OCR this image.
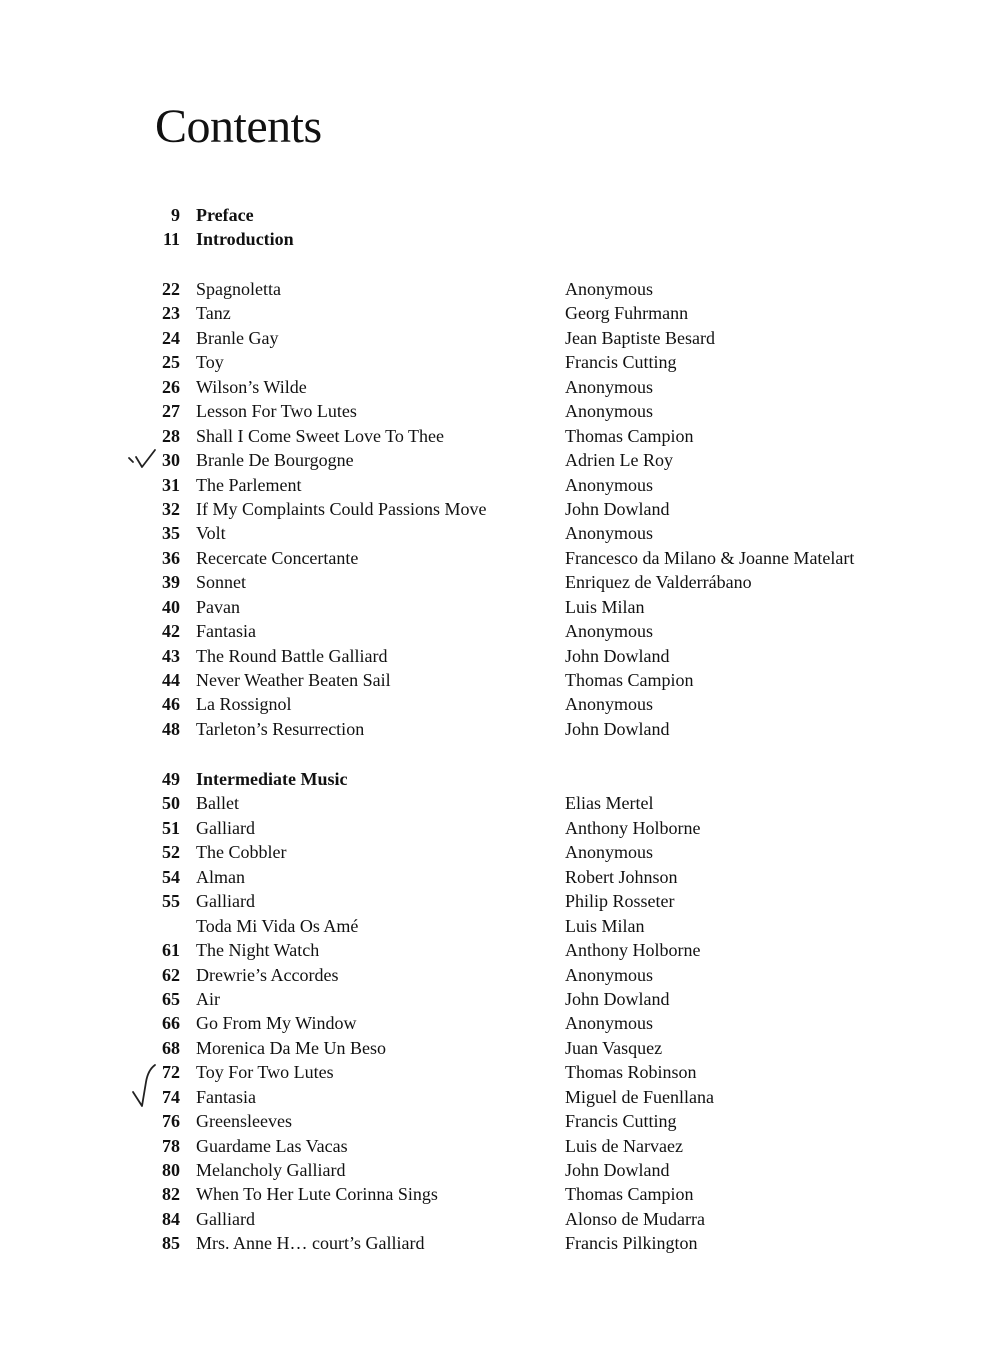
Contents
9 Preface
11 Introduction
22 Spagnoletta	Anonymous
23 Tanz	Georg Fuhrmann
24 Branle Gay	Jean Baptiste Besard
25 Toy	Francis Cutting
26 Wilson’s Wilde	Anonymous
27 Lesson For Two Lutes	Anonymous
28 Shall I Come Sweet Love To Thee	Thomas Campion
30 Branle De Bourgogne	Adrien Le Roy
31 The Parlement	Anonymous
32 If My Complaints Could Passions Move	John Dowland
35 Volt	Anonymous
36 Recercate Concertante	Francesco da Milano & Joanne Matelart
39 Sonnet	Enriquez de Valderrábano
40 Pavan	Luis Milan
42 Fantasia	Anonymous
43 The Round Battle Galliard	John Dowland
44 Never Weather Beaten Sail	Thomas Campion
46 La Rossignol	Anonymous
48 Tarleton’s Resurrection	John Dowland
49 Intermediate Music
50 Ballet	Elias Mertel
51 Galliard	Anthony Holborne
52 The Cobbler	Anonymous
54 Alman	Robert Johnson
55 Galliard	Philip Rosseter
Toda Mi Vida Os Amé	Luis Milan
61 The Night Watch	Anthony Holborne
62 Drewrie’s Accordes	Anonymous
65 Air	John Dowland
66 Go From My Window	Anonymous
68 Morenica Da Me Un Beso	Juan Vasquez
72 Toy For Two Lutes	Thomas Robinson
74 Fantasia	Miguel de Fuenllana
76 Greensleeves	Francis Cutting
78 Guardame Las Vacas	Luis de Narvaez
80 Melancholy Galliard	John Dowland
82 When To Her Lute Corinna Sings	Thomas Campion
84 Galliard	Alonso de Mudarra
85 Mrs. Anne H… court’s Galliard	Francis Pilkington
